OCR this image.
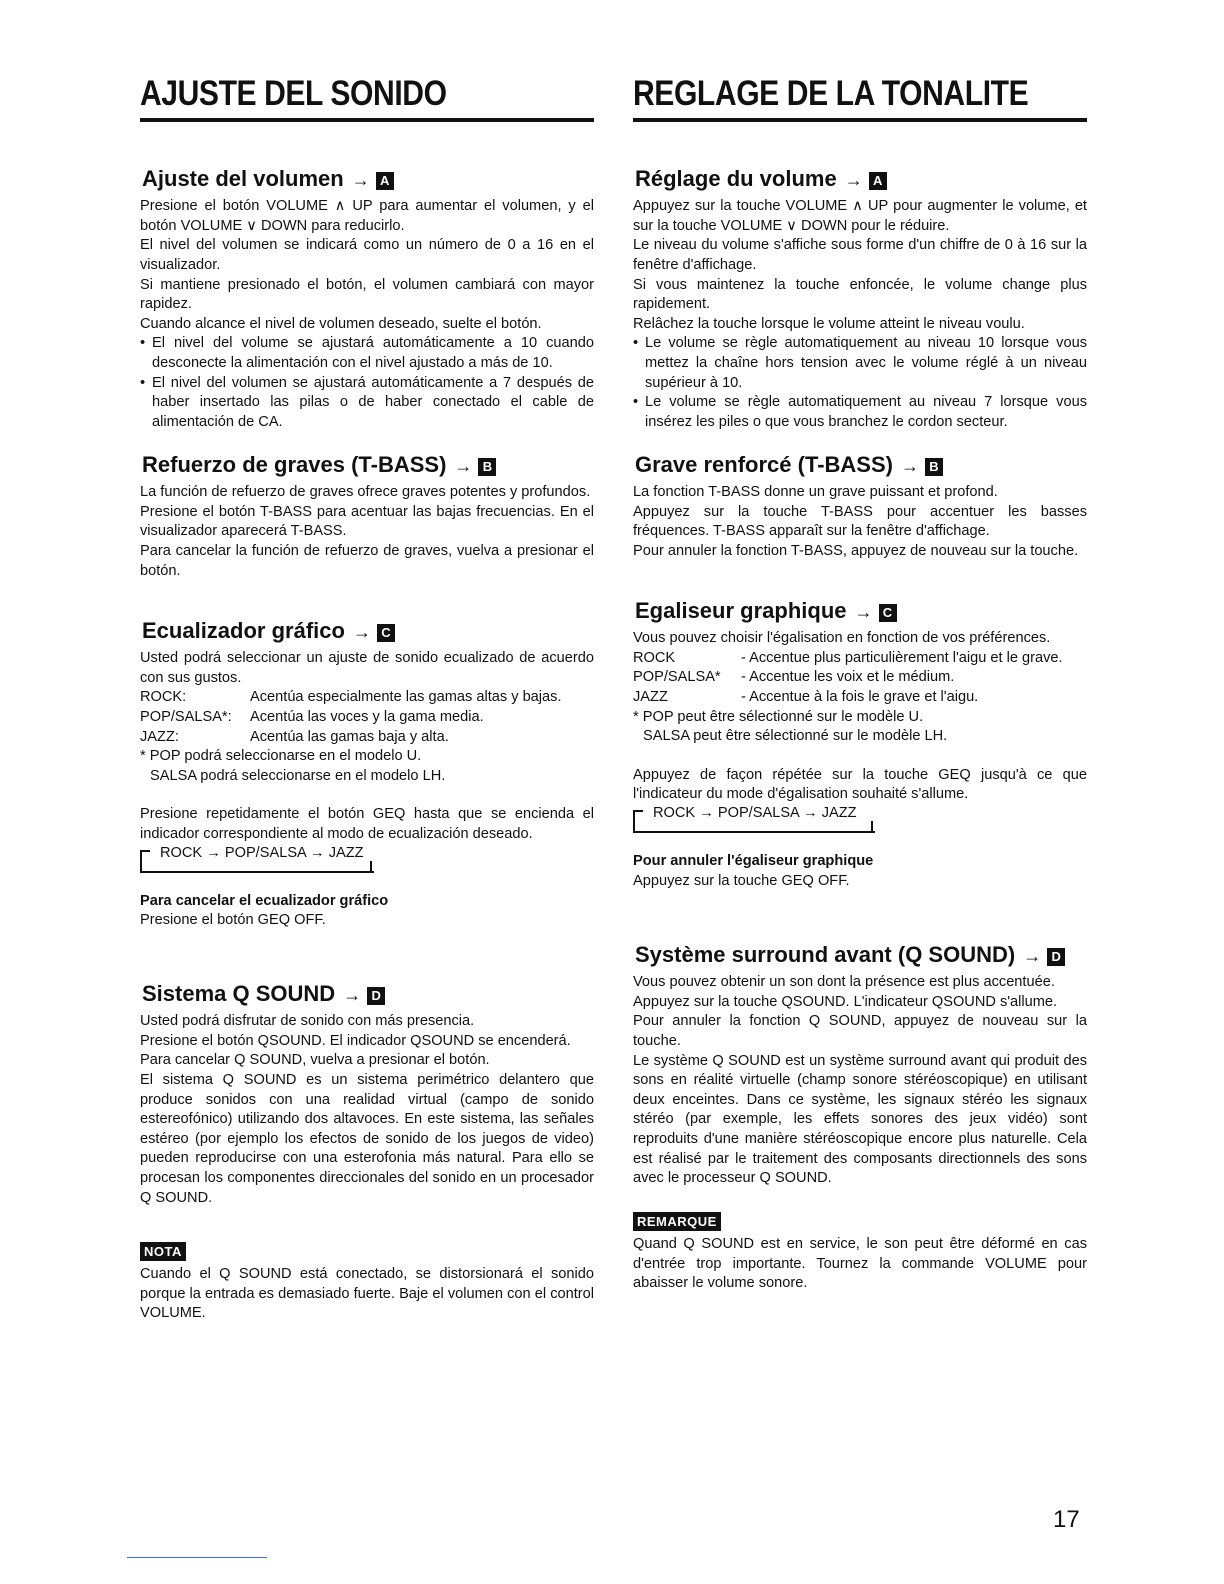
AJUSTE DEL SONIDO
Ajuste del volumen → A

Presione el botón VOLUME ∧ UP para aumentar el volumen, y el botón VOLUME ∨ DOWN para reducirlo.

El nivel del volumen se indicará como un número de 0 a 16 en el visualizador.

Si mantiene presionado el botón, el volumen cambiará con mayor rapidez.

Cuando alcance el nivel de volumen deseado, suelte el botón.

• El nivel del volume se ajustará automáticamente a 10 cuando desconecte la alimentación con el nivel ajustado a más de 10.
• El nivel del volumen se ajustará automáticamente a 7 después de haber insertado las pilas o de haber conectado el cable de alimentación de CA.
Refuerzo de graves (T-BASS) → B

La función de refuerzo de graves ofrece graves potentes y profundos.

Presione el botón T-BASS para acentuar las bajas frecuencias. En el visualizador aparecerá T-BASS.

Para cancelar la función de refuerzo de graves, vuelva a presionar el botón.

Ecualizador gráfico → C

Usted podrá seleccionar un ajuste de sonido ecualizado de acuerdo con sus gustos.

ROCK:	Acentúa especialmente las gamas altas y bajas.
POP/SALSA*:	Acentúa las voces y la gama media.
JAZZ:	Acentúa las gamas baja y alta.
* POP podrá seleccionarse en el modelo U.
SALSA podrá seleccionarse en el modelo LH.

Presione repetidamente el botón GEQ hasta que se encienda el indicador correspondiente al modo de ecualización deseado.

ROCK → POP/SALSA → JAZZ
Para cancelar el ecualizador gráfico

Presione el botón GEQ OFF.

Sistema Q SOUND → D

Usted podrá disfrutar de sonido con más presencia.

Presione el botón QSOUND. El indicador QSOUND se encenderá.

Para cancelar Q SOUND, vuelva a presionar el botón.

El sistema Q SOUND es un sistema perimétrico delantero que produce sonidos con una realidad virtual (campo de sonido estereofónico) utilizando dos altavoces. En este sistema, las señales estéreo (por ejemplo los efectos de sonido de los juegos de video) pueden reproducirse con una esterofonia más natural. Para ello se procesan los componentes direccionales del sonido en un procesador Q SOUND.

NOTA

Cuando el Q SOUND está conectado, se distorsionará el sonido porque la entrada es demasiado fuerte. Baje el volumen con el control VOLUME.

REGLAGE DE LA TONALITE
Réglage du volume → A

Appuyez sur la touche VOLUME ∧ UP pour augmenter le volume, et sur la touche VOLUME ∨ DOWN pour le réduire.

Le niveau du volume s'affiche sous forme d'un chiffre de 0 à 16 sur la fenêtre d'affichage.

Si vous maintenez la touche enfoncée, le volume change plus rapidement.

Relâchez la touche lorsque le volume atteint le niveau voulu.

• Le volume se règle automatiquement au niveau 10 lorsque vous mettez la chaîne hors tension avec le volume réglé à un niveau supérieur à 10.
• Le volume se règle automatiquement au niveau 7 lorsque vous insérez les piles o que vous branchez le cordon secteur.
Grave renforcé (T-BASS) → B

La fonction T-BASS donne un grave puissant et profond.

Appuyez sur la touche T-BASS pour accentuer les basses fréquences. T-BASS apparaît sur la fenêtre d'affichage.

Pour annuler la fonction T-BASS, appuyez de nouveau sur la touche.

Egaliseur graphique → C

Vous pouvez choisir l'égalisation en fonction de vos préférences.

ROCK	- Accentue plus particulièrement l'aigu et le grave.
POP/SALSA*	- Accentue les voix et le médium.
JAZZ	- Accentue à la fois le grave et l'aigu.
* POP peut être sélectionné sur le modèle U.
SALSA peut être sélectionné sur le modèle LH.

Appuyez de façon répétée sur la touche GEQ jusqu'à ce que l'indicateur du mode d'égalisation souhaité s'allume.

ROCK → POP/SALSA → JAZZ
Pour annuler l'égaliseur graphique

Appuyez sur la touche GEQ OFF.

Système surround avant (Q SOUND) → D

Vous pouvez obtenir un son dont la présence est plus accentuée.

Appuyez sur la touche QSOUND. L'indicateur QSOUND s'allume.

Pour annuler la fonction Q SOUND, appuyez de nouveau sur la touche.

Le système Q SOUND est un système surround avant qui produit des sons en réalité virtuelle (champ sonore stéréoscopique) en utilisant deux enceintes. Dans ce système, les signaux stéréo les signaux stéréo (par exemple, les effets sonores des jeux vidéo) sont reproduits d'une manière stéréoscopique encore plus naturelle. Cela est réalisé par le traitement des composants directionnels des sons avec le processeur Q SOUND.

REMARQUE

Quand Q SOUND est en service, le son peut être déformé en cas d'entrée trop importante. Tournez la commande VOLUME pour abaisser le volume sonore.

17
